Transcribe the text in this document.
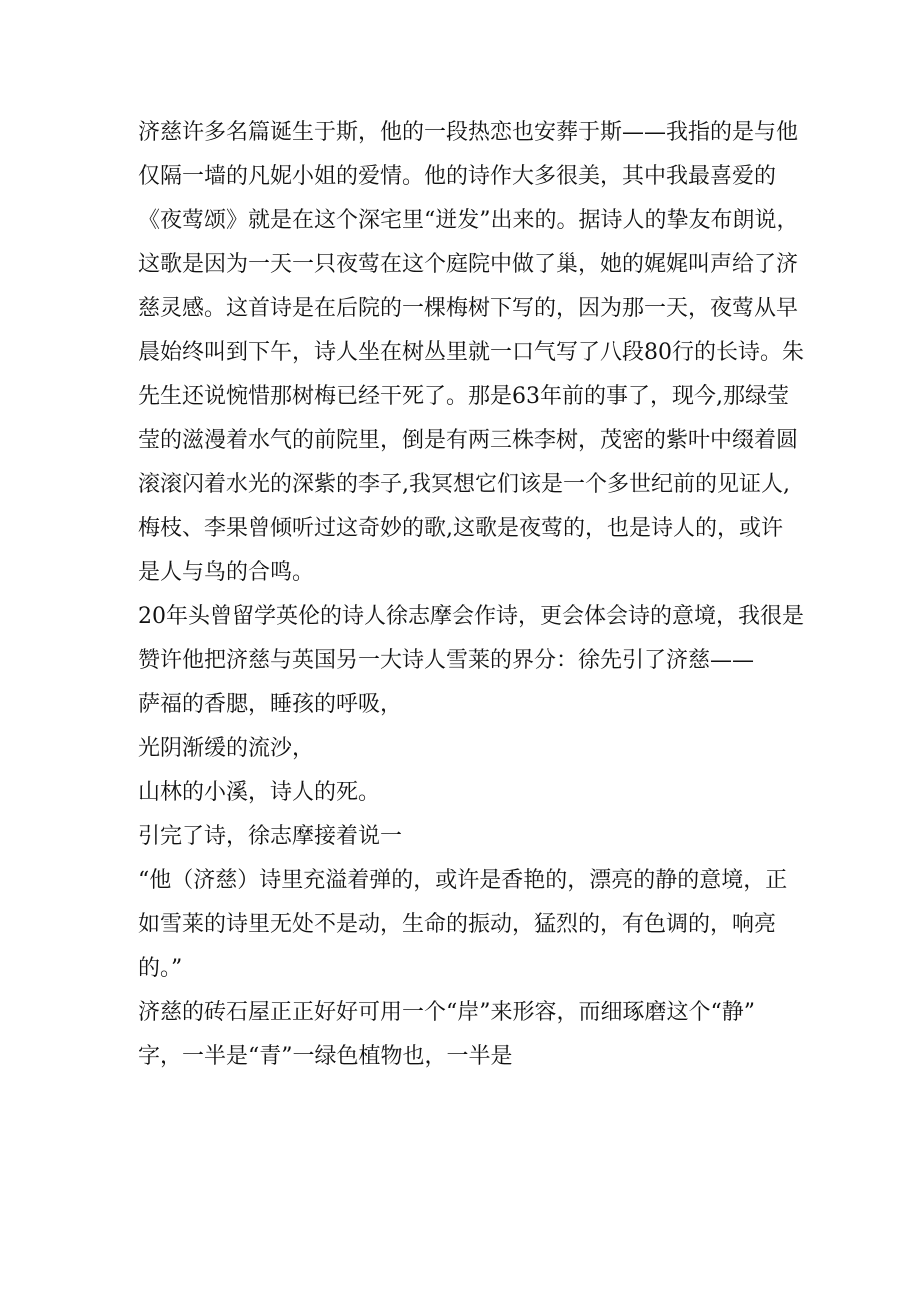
济慈许多名篇诞生于斯，他的一段热恋也安葬于斯——我指的是与他
仅隔一墙的凡妮小姐的爱情。他的诗作大多很美，其中我最喜爱的
《夜莺颂》就是在这个深宅里“迸发”出来的。据诗人的挚友布朗说，
这歌是因为一天一只夜莺在这个庭院中做了巢，她的娓娓叫声给了济
慈灵感。这首诗是在后院的一棵梅树下写的，因为那一天，夜莺从早
晨始终叫到下午，诗人坐在树丛里就一口气写了八段80行的长诗。朱
先生还说惋惜那树梅已经干死了。那是63年前的事了，现今,那绿莹
莹的滋漫着水气的前院里，倒是有两三株李树，茂密的紫叶中缀着圆
滚滚闪着水光的深紫的李子,我冥想它们该是一个多世纪前的见证人,
梅枝、李果曾倾听过这奇妙的歌,这歌是夜莺的，也是诗人的，或许
是人与鸟的合鸣。
20年头曾留学英伦的诗人徐志摩会作诗，更会体会诗的意境，我很是
赞许他把济慈与英国另一大诗人雪莱的界分：徐先引了济慈——
萨福的香腮，睡孩的呼吸，
光阴渐缓的流沙，
山林的小溪，诗人的死。
引完了诗，徐志摩接着说一
“他（济慈）诗里充溢着弹的，或许是香艳的，漂亮的静的意境，正
如雪莱的诗里无处不是动，生命的振动，猛烈的，有色调的，响亮
的。”
济慈的砖石屋正正好好可用一个“岸”来形容，而细琢磨这个“静”
字，一半是“青”一绿色植物也，一半是
